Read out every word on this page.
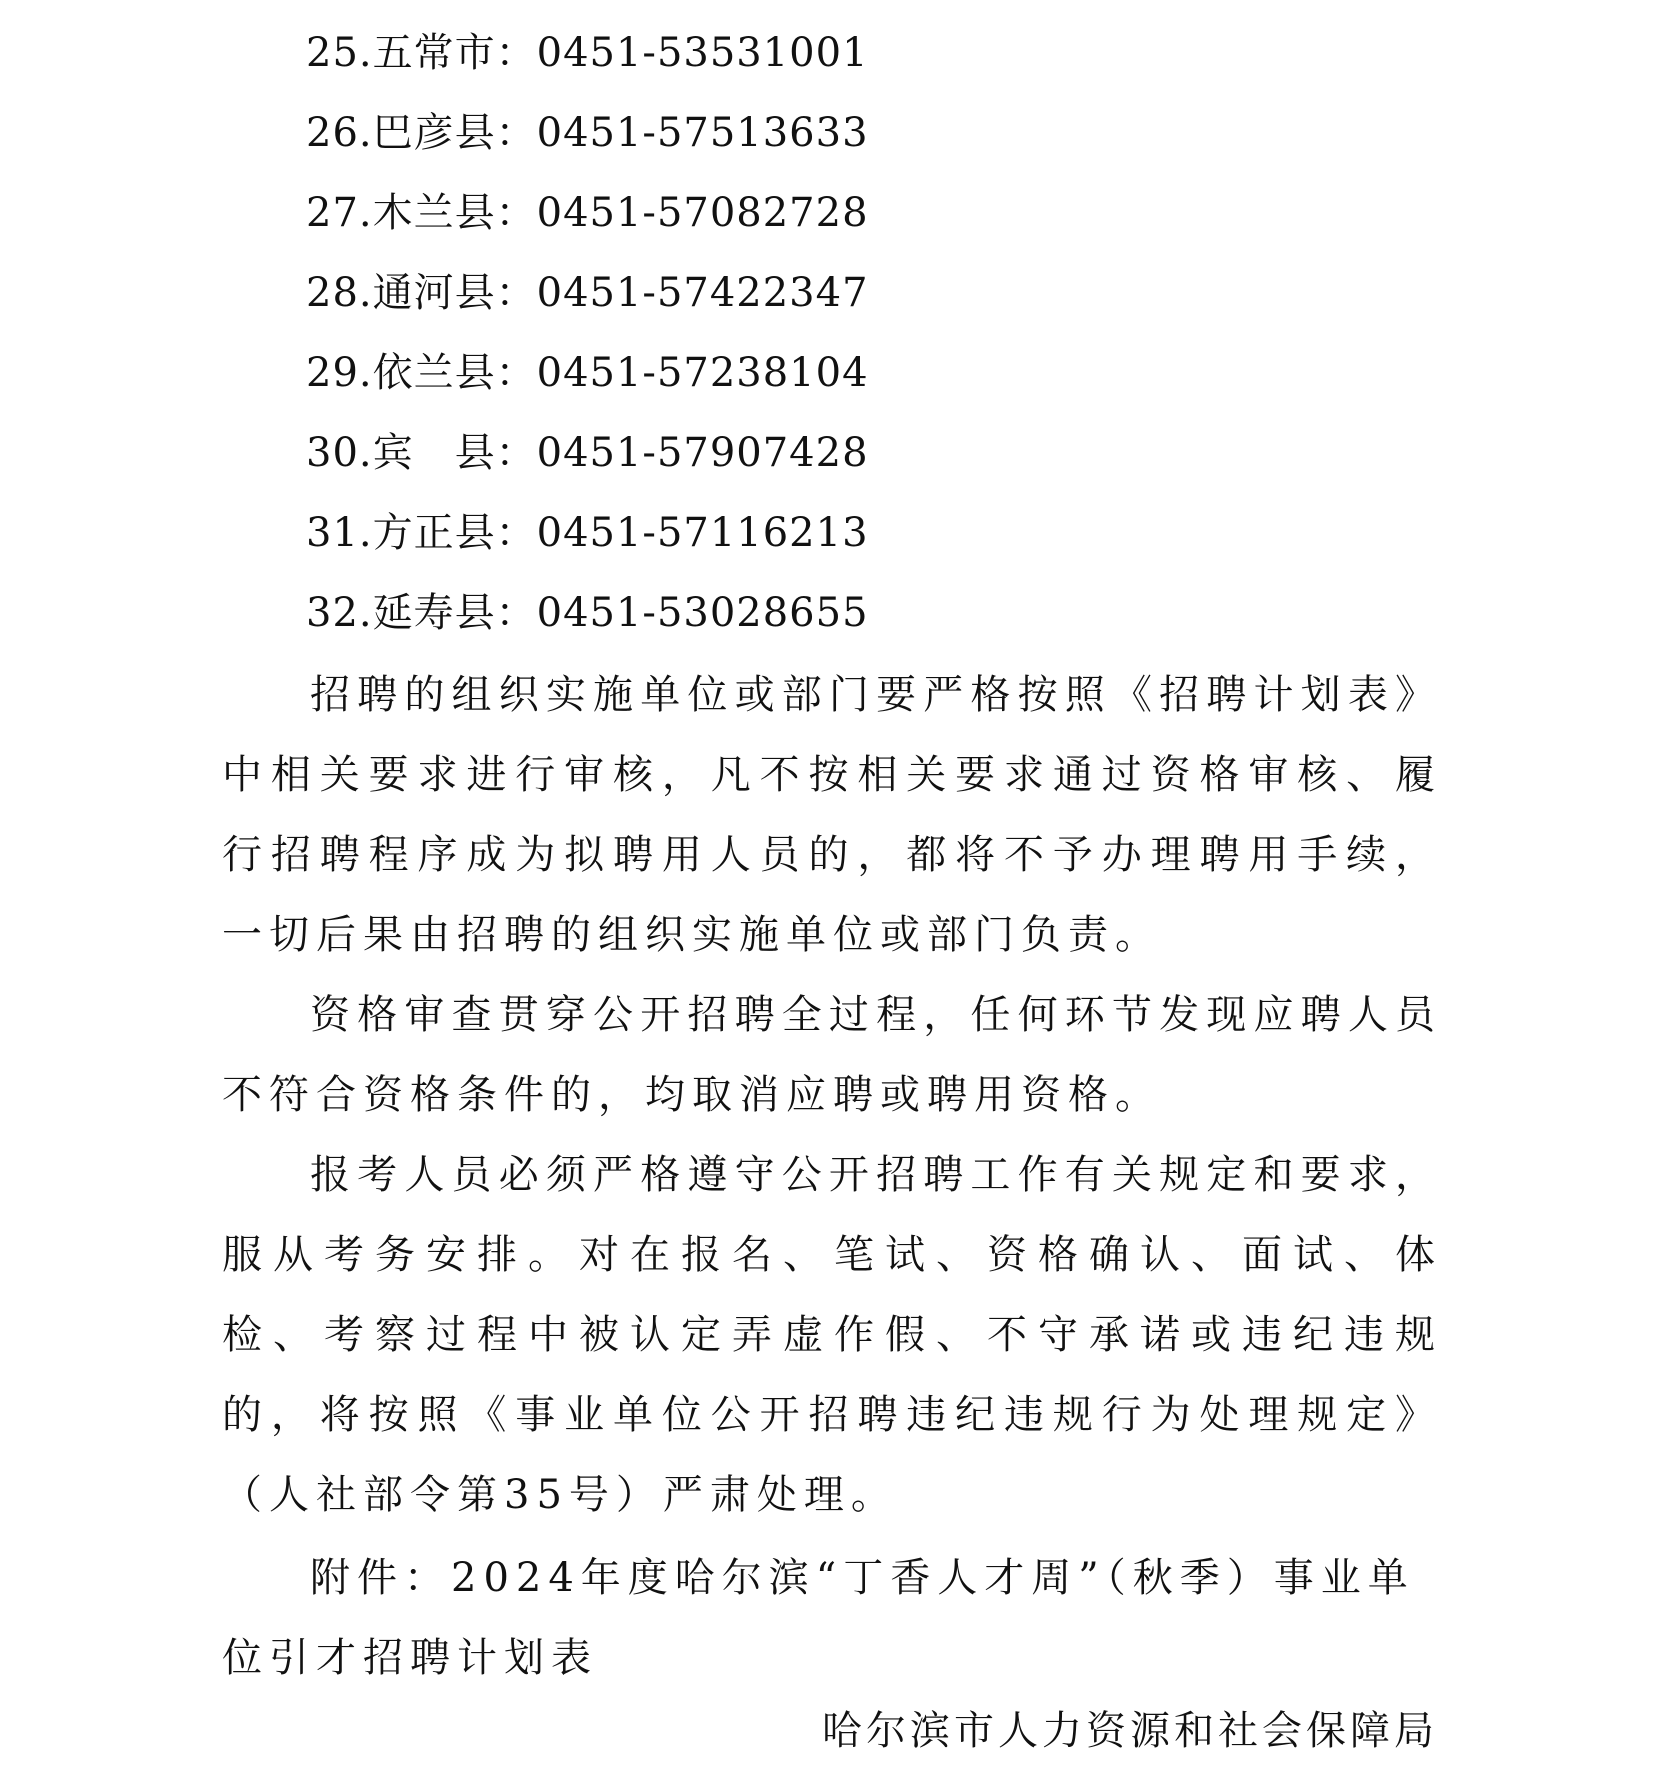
25.五常市：0451-53531001
26.巴彦县：0451-57513633
27.木兰县：0451-57082728
28.通河县：0451-57422347
29.依兰县：0451-57238104
30.宾　县：0451-57907428
31.方正县：0451-57116213
32.延寿县：0451-53028655

招聘的组织实施单位或部门要严格按照《招聘计划表》中相关要求进行审核，凡不按相关要求通过资格审核、履行招聘程序成为拟聘用人员的，都将不予办理聘用手续，一切后果由招聘的组织实施单位或部门负责。

资格审查贯穿公开招聘全过程，任何环节发现应聘人员不符合资格条件的，均取消应聘或聘用资格。

报考人员必须严格遵守公开招聘工作有关规定和要求，服从考务安排。对在报名、笔试、资格确认、面试、体检、考察过程中被认定弄虚作假、不守承诺或违纪违规的，将按照《事业单位公开招聘违纪违规行为处理规定》（人社部令第35号）严肃处理。

附件：2024年度哈尔滨“丁香人才周”（秋季）事业单位引才招聘计划表

哈尔滨市人力资源和社会保障局
